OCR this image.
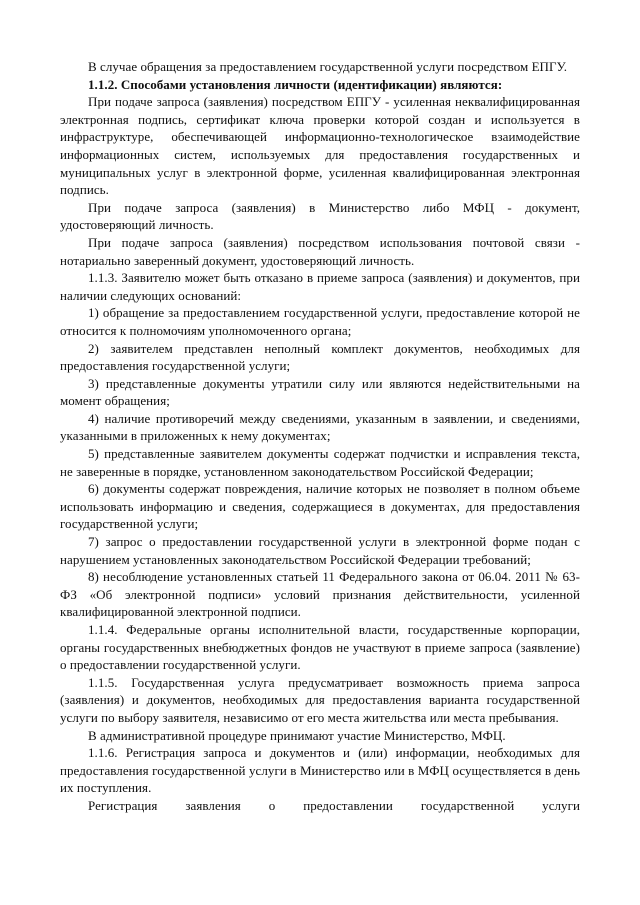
В случае обращения за предоставлением государственной услуги посредством ЕПГУ.

1.1.2. Способами установления личности (идентификации) являются:

При подаче запроса (заявления) посредством ЕПГУ - усиленная неквалифицированная электронная подпись, сертификат ключа проверки которой создан и используется в инфраструктуре, обеспечивающей информационно-технологическое взаимодействие информационных систем, используемых для предоставления государственных и муниципальных услуг в электронной форме, усиленная квалифицированная электронная подпись.

При подаче запроса (заявления) в Министерство либо МФЦ - документ, удостоверяющий личность.

При подаче запроса (заявления) посредством использования почтовой связи - нотариально заверенный документ, удостоверяющий личность.

1.1.3. Заявителю может быть отказано в приеме запроса (заявления) и документов, при наличии следующих оснований:

1) обращение за предоставлением государственной услуги, предоставление которой не относится к полномочиям уполномоченного органа;

2) заявителем представлен неполный комплект документов, необходимых для предоставления государственной услуги;

3) представленные документы утратили силу или являются недействительными на момент обращения;

4) наличие противоречий между сведениями, указанным в заявлении, и сведениями, указанными в приложенных к нему документах;

5) представленные заявителем документы содержат подчистки и исправления текста, не заверенные в порядке, установленном законодательством Российской Федерации;

6) документы содержат повреждения, наличие которых не позволяет в полном объеме использовать информацию и сведения, содержащиеся в документах, для предоставления государственной услуги;

7) запрос о предоставлении государственной услуги в электронной форме подан с нарушением установленных законодательством Российской Федерации требований;

8) несоблюдение установленных статьей 11 Федерального закона от 06.04. 2011 № 63-ФЗ «Об электронной подписи» условий признания действительности, усиленной квалифицированной электронной подписи.

1.1.4. Федеральные органы исполнительной власти, государственные корпорации, органы государственных внебюджетных фондов не участвуют в приеме запроса (заявление) о предоставлении государственной услуги.

1.1.5. Государственная услуга предусматривает возможность приема запроса (заявления) и документов, необходимых для предоставления варианта государственной услуги по выбору заявителя, независимо от его места жительства или места пребывания.

В административной процедуре принимают участие Министерство, МФЦ.

1.1.6. Регистрация запроса и документов и (или) информации, необходимых для предоставления государственной услуги в Министерство или в МФЦ осуществляется в день их поступления.

Регистрация заявления о предоставлении государственной услуги
